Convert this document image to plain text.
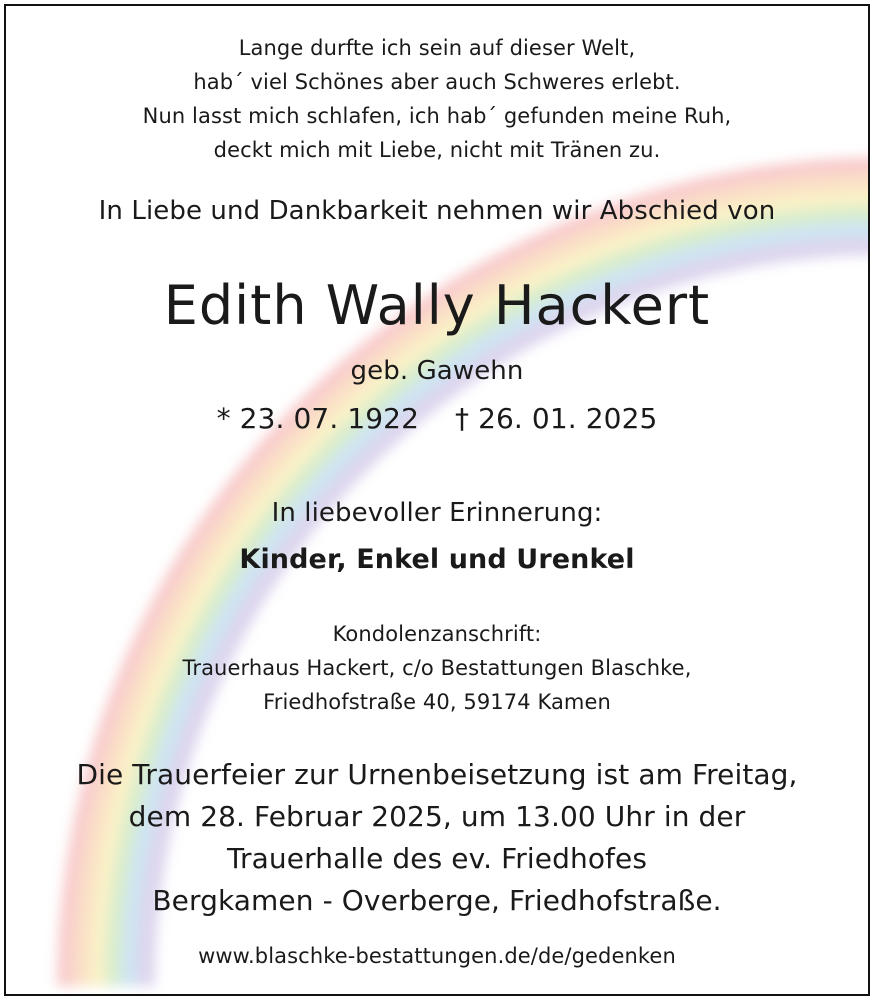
Lange durfte ich sein auf dieser Welt,
hab´ viel Schönes aber auch Schweres erlebt.
Nun lasst mich schlafen, ich hab´ gefunden meine Ruh,
deckt mich mit Liebe, nicht mit Tränen zu.
In Liebe und Dankbarkeit nehmen wir Abschied von
Edith Wally Hackert
geb. Gawehn
* 23. 07. 1922 † 26. 01. 2025
In liebevoller Erinnerung:
Kinder, Enkel und Urenkel
Kondolenzanschrift:
Trauerhaus Hackert, c/o Bestattungen Blaschke,
Friedhofstraße 40, 59174 Kamen
Die Trauerfeier zur Urnenbeisetzung ist am Freitag,
dem 28. Februar 2025, um 13.00 Uhr in der
Trauerhalle des ev. Friedhofes
Bergkamen - Overberge, Friedhofstraße.
www.blaschke-bestattungen.de/de/gedenken
